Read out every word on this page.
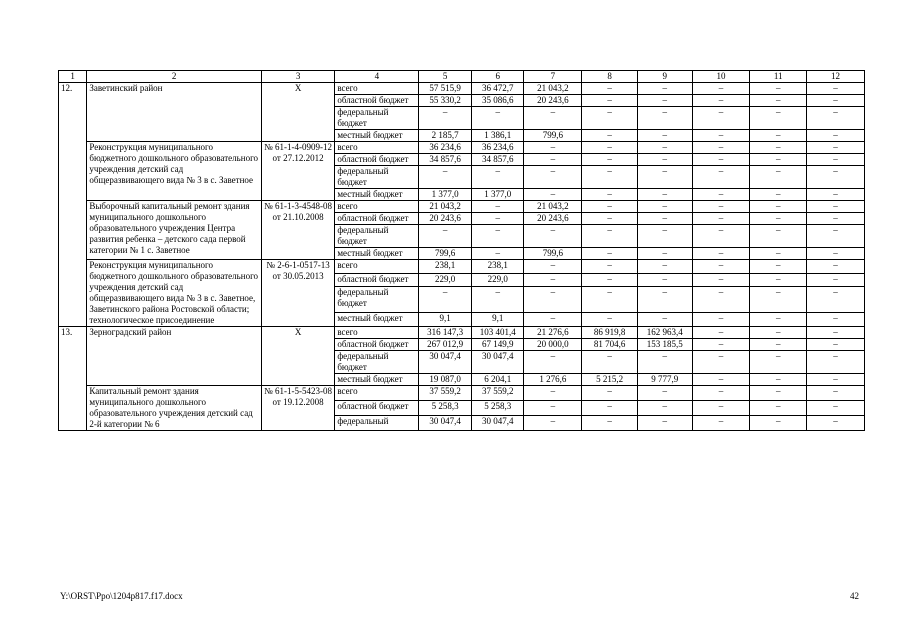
1	2	3	4	5	6	7	8	9	10	11	12
12.	Заветинский район	Х	всего	57 515,9	36 472,7	21 043,2	–	–	–	–	–
			областной бюджет	55 330,2	35 086,6	20 243,6	–	–	–	–	–
			федеральный бюджет	–	–	–	–	–	–	–	–
			местный бюджет	2 185,7	1 386,1	799,6	–	–	–	–	–
	Реконструкция муниципального бюджетного дошкольного образовательного учреждения детский сад общеразвивающего вида № 3 в с. Заветное	№ 61-1-4-0909-12 от 27.12.2012	всего	36 234,6	36 234,6	–	–	–	–	–	–
			областной бюджет	34 857,6	34 857,6	–	–	–	–	–	–
			федеральный бюджет	–	–	–	–	–	–	–	–
			местный бюджет	1 377,0	1 377,0	–	–	–	–	–	–
	Выборочный капитальный ремонт здания муниципального дошкольного образовательного учреждения Центра развития ребенка – детского сада первой категории № 1 с. Заветное	№ 61-1-3-4548-08 от 21.10.2008	всего	21 043,2	–	21 043,2	–	–	–	–	–
			областной бюджет	20 243,6	–	20 243,6	–	–	–	–	–
			федеральный бюджет	–	–	–	–	–	–	–	–
			местный бюджет	799,6	–	799,6	–	–	–	–	–
	Реконструкция муниципального бюджетного дошкольного образовательного учреждения детский сад общеразвивающего вида № 3 в с. Заветное, Заветинского района Ростовской области; технологическое присоединение	№ 2-6-1-0517-13 от 30.05.2013	всего	238,1	238,1	–	–	–	–	–	–
			областной бюджет	229,0	229,0	–	–	–	–	–	–
			федеральный бюджет	–	–	–	–	–	–	–	–
			местный бюджет	9,1	9,1	–	–	–	–	–	–
13.	Зерноградский район	Х	всего	316 147,3	103 401,4	21 276,6	86 919,8	162 963,4	–	–	–
			областной бюджет	267 012,9	67 149,9	20 000,0	81 704,6	153 185,5	–	–	–
			федеральный бюджет	30 047,4	30 047,4	–	–	–	–	–	–
			местный бюджет	19 087,0	6 204,1	1 276,6	5 215,2	9 777,9	–	–	–
	Капитальный ремонт здания муниципального дошкольного образовательного учреждения детский сад 2-й категории № 6	№ 61-1-5-5423-08 от 19.12.2008	всего	37 559,2	37 559,2	–	–	–	–	–	–
			областной бюджет	5 258,3	5 258,3	–	–	–	–	–	–
			федеральный	30 047,4	30 047,4	–	–	–	–	–	–
Y:\ORST\Ppo\1204p817.f17.docx	42
